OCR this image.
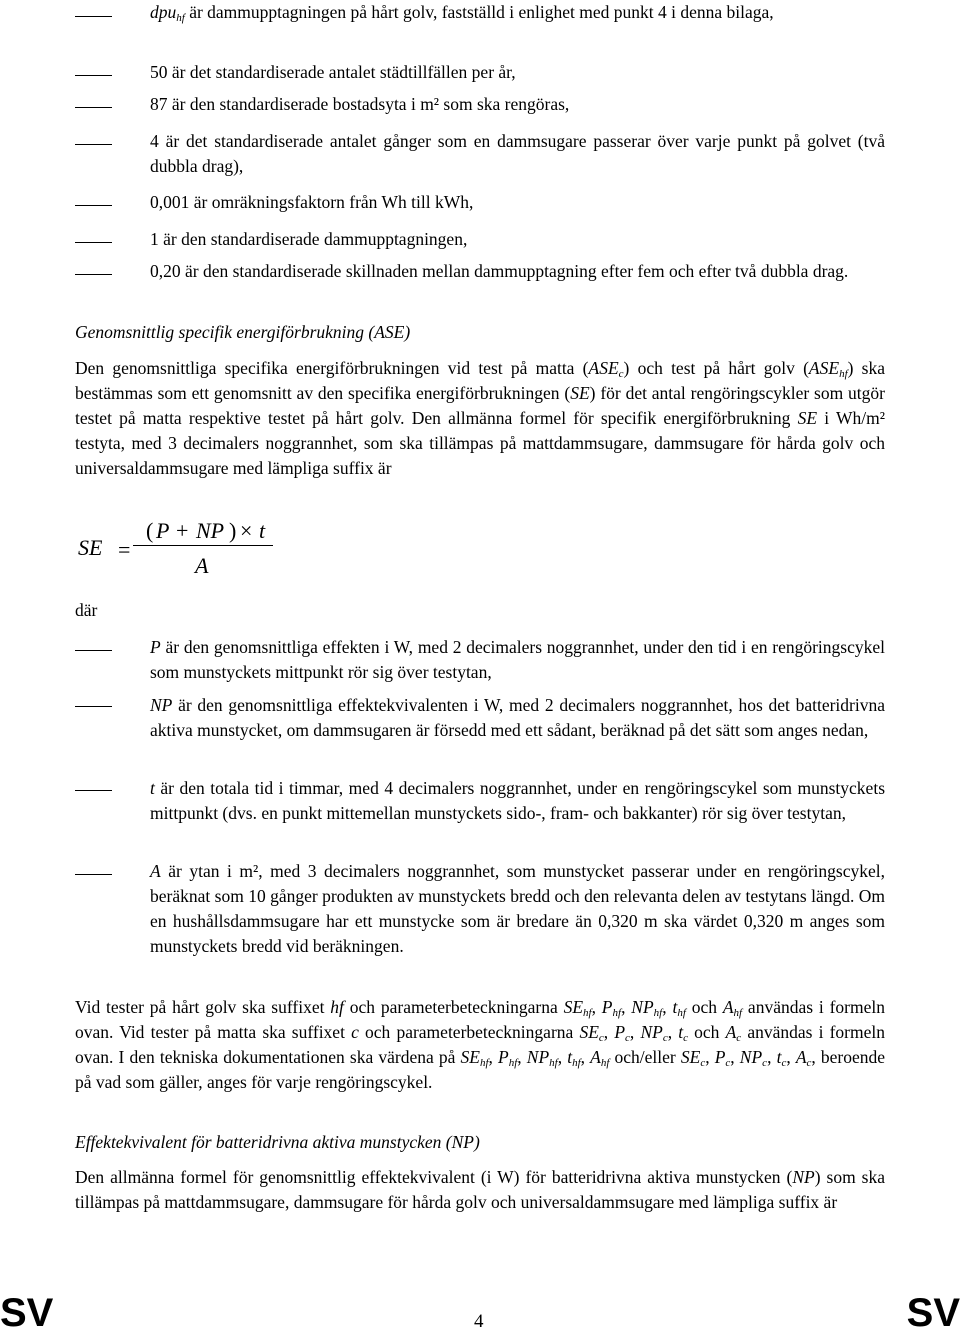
dpu$_{hf}$ är dammupptagningen på hårt golv, fastställd i enlighet med punkt 4 i denna bilaga,
50 är det standardiserade antalet städtillfällen per år,
87 är den standardiserade bostadsyta i m² som ska rengöras,
4 är det standardiserade antalet gånger som en dammsugare passerar över varje punkt på golvet (två dubbla drag),
0,001 är omräkningsfaktorn från Wh till kWh,
1 är den standardiserade dammupptagningen,
0,20 är den standardiserade skillnaden mellan dammupptagning efter fem och efter två dubbla drag.
Genomsnittlig specifik energiförbrukning (ASE)
Den genomsnittliga specifika energiförbrukningen vid test på matta $(ASE_c)$ och test på hårt golv $(ASE_{hf})$ ska bestämmas som ett genomsnitt av den specifika energiförbrukningen (SE) för det antal rengöringscykler som utgör testet på matta respektive testet på hårt golv. Den allmänna formel för specifik energiförbrukning SE i Wh/m² testyta, med 3 decimalers noggrannhet, som ska tillämpas på mattdammsugare, dammsugare för hårda golv och universaldammsugare med lämpliga suffix är
SE =
( P + NP ) × t
A
där
P är den genomsnittliga effekten i W, med 2 decimalers noggrannhet, under den tid i en rengöringscykel som munstyckets mittpunkt rör sig över testytan,
NP är den genomsnittliga effektekvivalenten i W, med 2 decimalers noggrannhet, hos det batteridrivna aktiva munstycket, om dammsugaren är försedd med ett sådant, beräknad på det sätt som anges nedan,
t är den totala tid i timmar, med 4 decimalers noggrannhet, under en rengöringscykel som munstyckets mittpunkt (dvs. en punkt mittemellan munstyckets sido-, fram- och bakkanter) rör sig över testytan,
A är ytan i m², med 3 decimalers noggrannhet, som munstycket passerar under en rengöringscykel, beräknat som 10 gånger produkten av munstyckets bredd och den relevanta delen av testytans längd. Om en hushållsdammsugare har ett munstycke som är bredare än 0,320 m ska värdet 0,320 m anges som munstyckets bredd vid beräkningen.
Vid tester på hårt golv ska suffixet hf och parameterbeteckningarna $SE_{hf}$, $P_{hf}$, $NP_{hf}$, $t_{hf}$ och $A_{hf}$ användas i formeln ovan. Vid tester på matta ska suffixet c och parameterbeteckningarna $SE_c$, $P_c$, $NP_c$, $t_c$ och $A_c$ användas i formeln ovan. I den tekniska dokumentationen ska värdena på $SE_{hf}$, $P_{hf}$, $NP_{hf}$, $t_{hf}$, $A_{hf}$ och/eller $SE_c$, $P_c$, $NP_c$, $t_c$, $A_c$, beroende på vad som gäller, anges för varje rengöringscykel.
Effektekvivalent för batteridrivna aktiva munstycken (NP)
Den allmänna formel för genomsnittlig effektekvivalent (i W) för batteridrivna aktiva munstycken (NP) som ska tillämpas på mattdammsugare, dammsugare för hårda golv och universaldammsugare med lämpliga suffix är
SV	4	SV
